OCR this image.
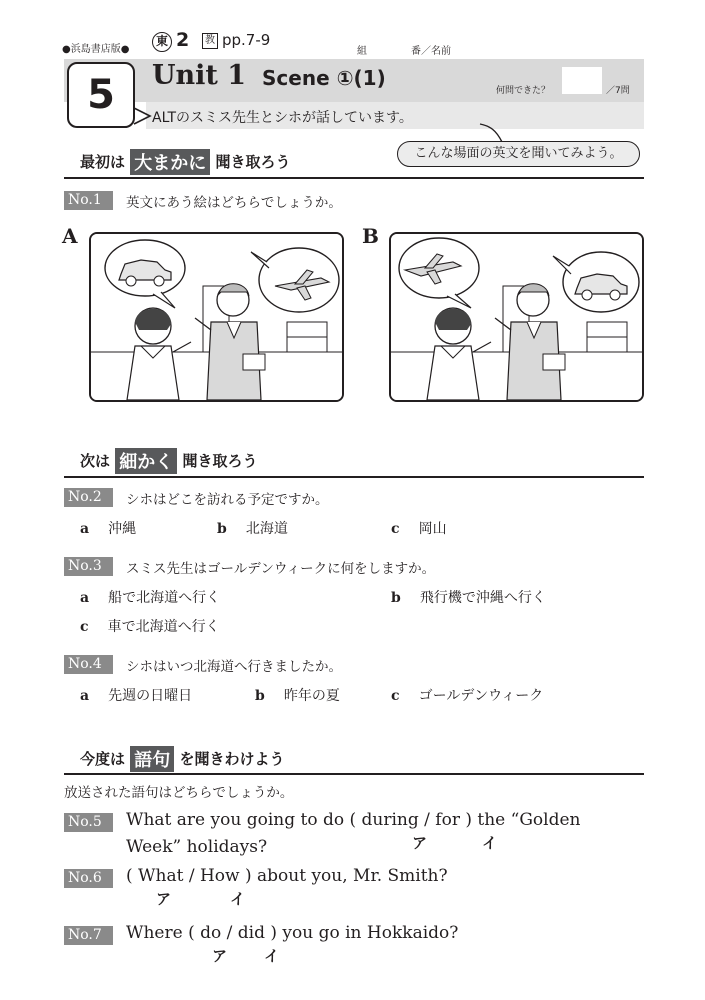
●浜島書店版●
東 2	教 pp.7-9
組	番／名前
5	Unit 1 Scene ①(1)
何問できた？	／7問
ALTのスミス先生とシホが話しています。
こんな場面の英文を聞いてみよう。
最初は 大まかに 聞き取ろう
No.1	英文にあう絵はどちらでしょうか。
A	B
次は 細かく 聞き取ろう
No.2	シホはどこを訪れる予定ですか。
a 沖縄	b 北海道	c 岡山
No.3	スミス先生はゴールデンウィークに何をしますか。
a 船で北海道へ行く	b 飛行機で沖縄へ行く
c 車で北海道へ行く
No.4	シホはいつ北海道へ行きましたか。
a 先週の日曜日	b 昨年の夏	c ゴールデンウィーク
今度は 語句 を聞きわけよう
放送された語句はどちらでしょうか。
No.5	What are you going to do ( during / for ) the “Golden
Week” holidays?	ア	イ
No.6	( What / How ) about you, Mr. Smith?
ア	イ
No.7	Where ( do / did ) you go in Hokkaido?
ア イ
